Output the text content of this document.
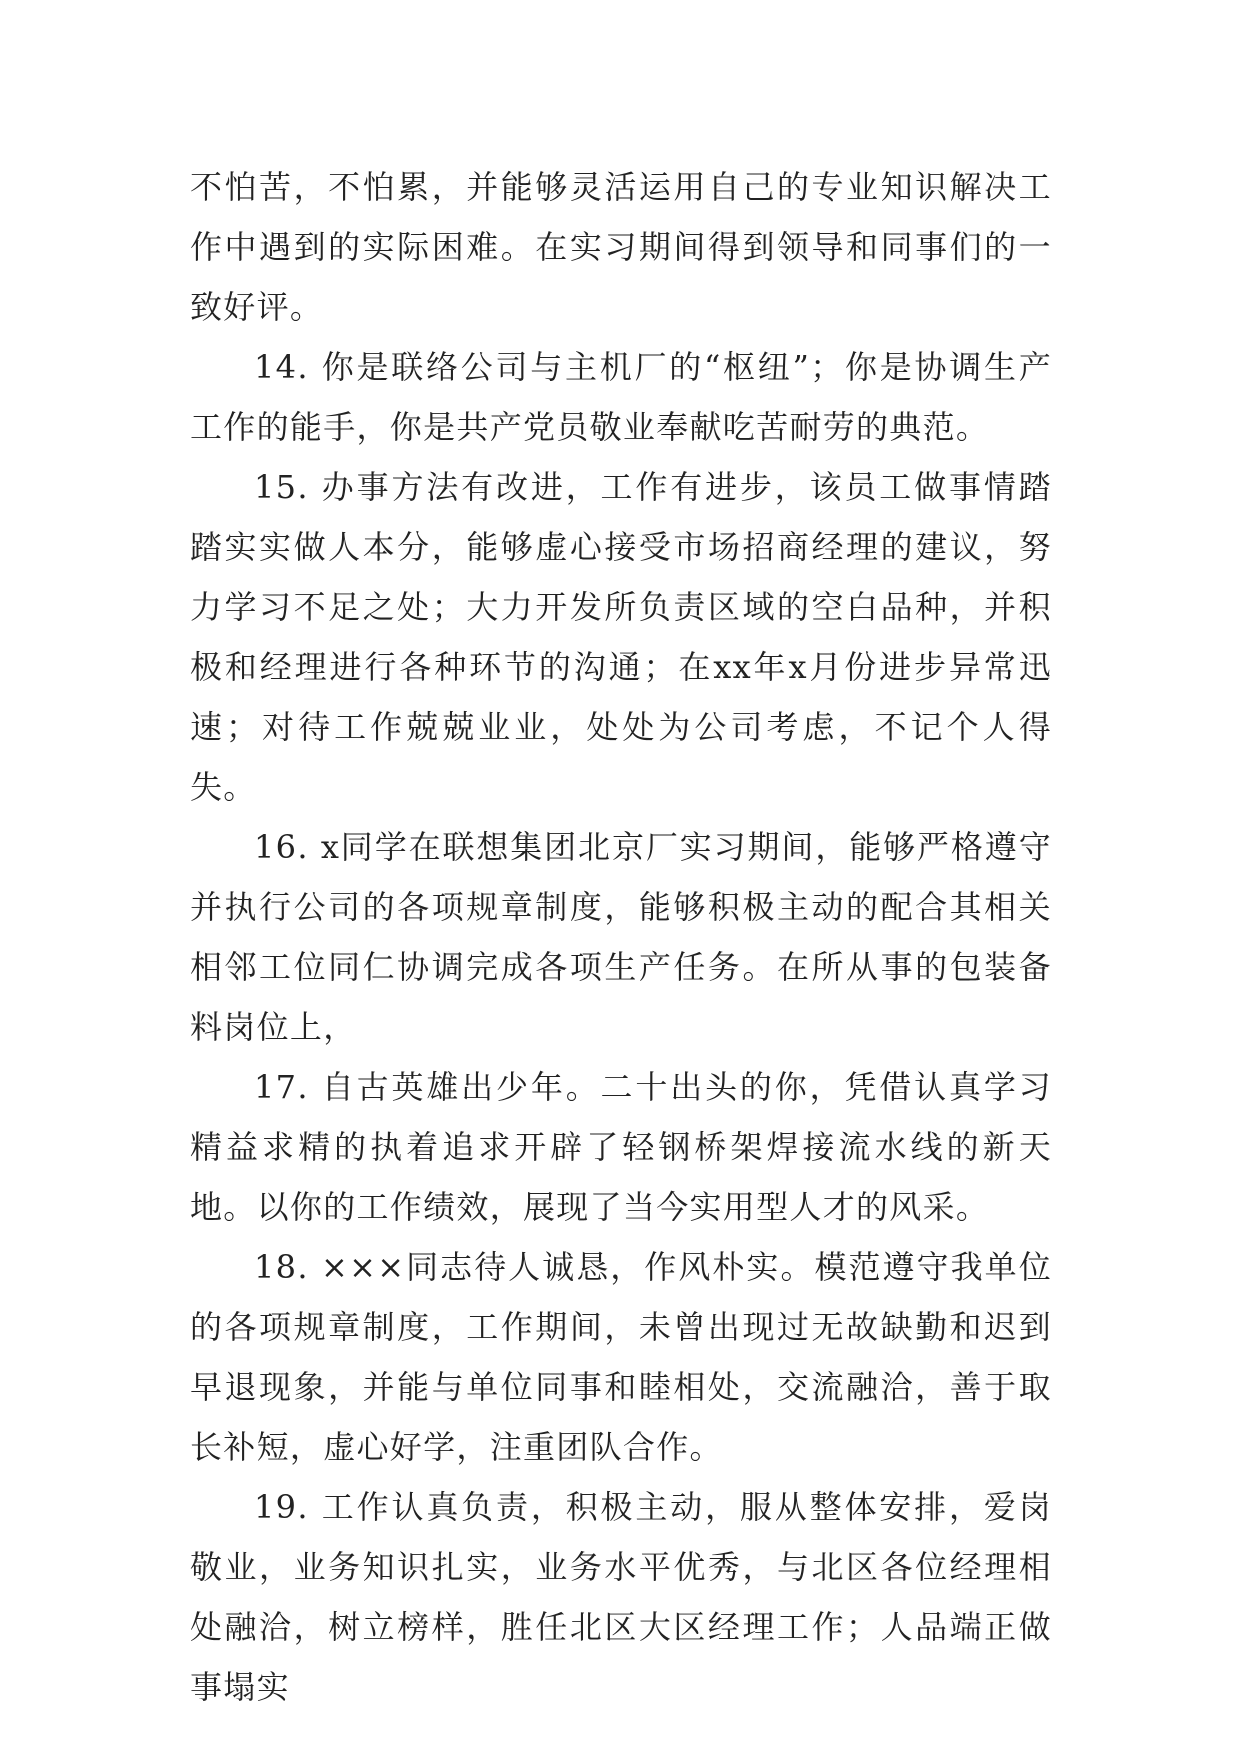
不怕苦，不怕累，并能够灵活运用自己的专业知识解决工作中遇到的实际困难。在实习期间得到领导和同事们的一致好评。

14. 你是联络公司与主机厂的“枢纽”；你是协调生产工作的能手，你是共产党员敬业奉献吃苦耐劳的典范。

15. 办事方法有改进，工作有进步，该员工做事情踏踏实实做人本分，能够虚心接受市场招商经理的建议，努力学习不足之处；大力开发所负责区域的空白品种，并积极和经理进行各种环节的沟通；在xx年x月份进步异常迅速；对待工作兢兢业业，处处为公司考虑，不记个人得失。

16. x同学在联想集团北京厂实习期间，能够严格遵守并执行公司的各项规章制度，能够积极主动的配合其相关相邻工位同仁协调完成各项生产任务。在所从事的包装备料岗位上，

17. 自古英雄出少年。二十出头的你，凭借认真学习精益求精的执着追求开辟了轻钢桥架焊接流水线的新天地。以你的工作绩效，展现了当今实用型人才的风采。

18. ×××同志待人诚恳，作风朴实。模范遵守我单位的各项规章制度，工作期间，未曾出现过无故缺勤和迟到早退现象，并能与单位同事和睦相处，交流融洽，善于取长补短，虚心好学，注重团队合作。

19. 工作认真负责，积极主动，服从整体安排，爱岗敬业，业务知识扎实，业务水平优秀，与北区各位经理相处融洽，树立榜样，胜任北区大区经理工作；人品端正做事塌实
